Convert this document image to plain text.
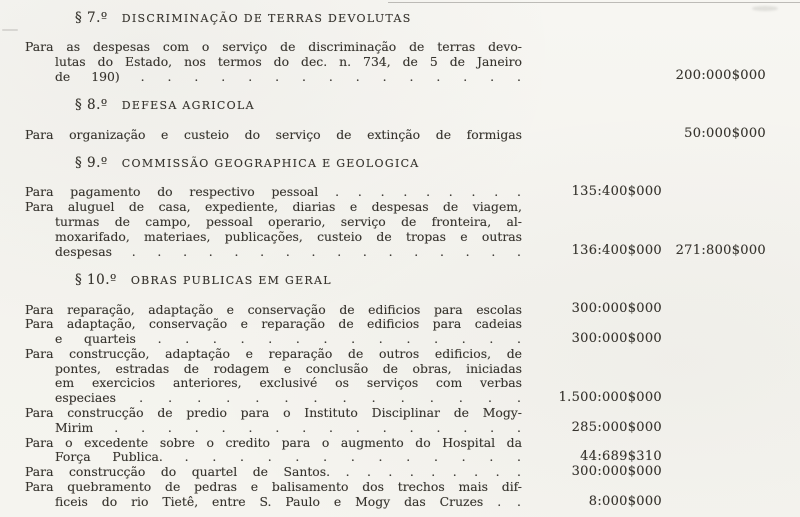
§ 7.º DISCRIMINAÇÃO DE TERRAS DEVOLUTAS
Para as despesas com o serviço de discriminação de terras devo-
lutas do Estado, nos termos do dec. n. 734, de 5 de Janeiro
de 190) . . . . . . . . . . . . . . .	200:000$000
§ 8.º DEFESA AGRICOLA
Para organização e custeio do serviço de extinção de formigas	50:000$000
§ 9.º COMMISSÃO GEOGRAPHICA E GEOLOGICA
Para pagamento do respectivo pessoal . . . . . . . . .	135:400$000
Para aluguel de casa, expediente, diarias e despesas de viagem,
turmas de campo, pessoal operario, serviço de fronteira, al-
moxarifado, materiaes, publicações, custeio de tropas e outras
despesas . . . . . . . . . . . . . . . .	136:400$000	271:800$000
§ 10.º OBRAS PUBLICAS EM GERAL
Para reparação, adaptação e conservação de edificios para escolas	300:000$000
Para adaptação, conservação e reparação de edificios para cadeias
e quarteis . . . . . . . . . . . . . .	300:000$000
Para construcção, adaptação e reparação de outros edificios, de
pontes, estradas de rodagem e conclusão de obras, iniciadas
em exercicios anteriores, exclusivé os serviços com verbas
especiaes . . . . . . . . . . . . . .	1.500:000$000
Para construcção de predio para o Instituto Disciplinar de Mogy-
Mirim . . . . . . . . . . . . . . . .	285:000$000
Para o excedente sobre o credito para o augmento do Hospital da
Força Publica. . . . . . . . . . . . . .	44:689$310
Para construcção do quartel de Santos. . . . . . . . . .	300:000$000
Para quebramento de pedras e balisamento dos trechos mais dif-
ficeis do rio Tietê, entre S. Paulo e Mogy das Cruzes . .	8:000$000
